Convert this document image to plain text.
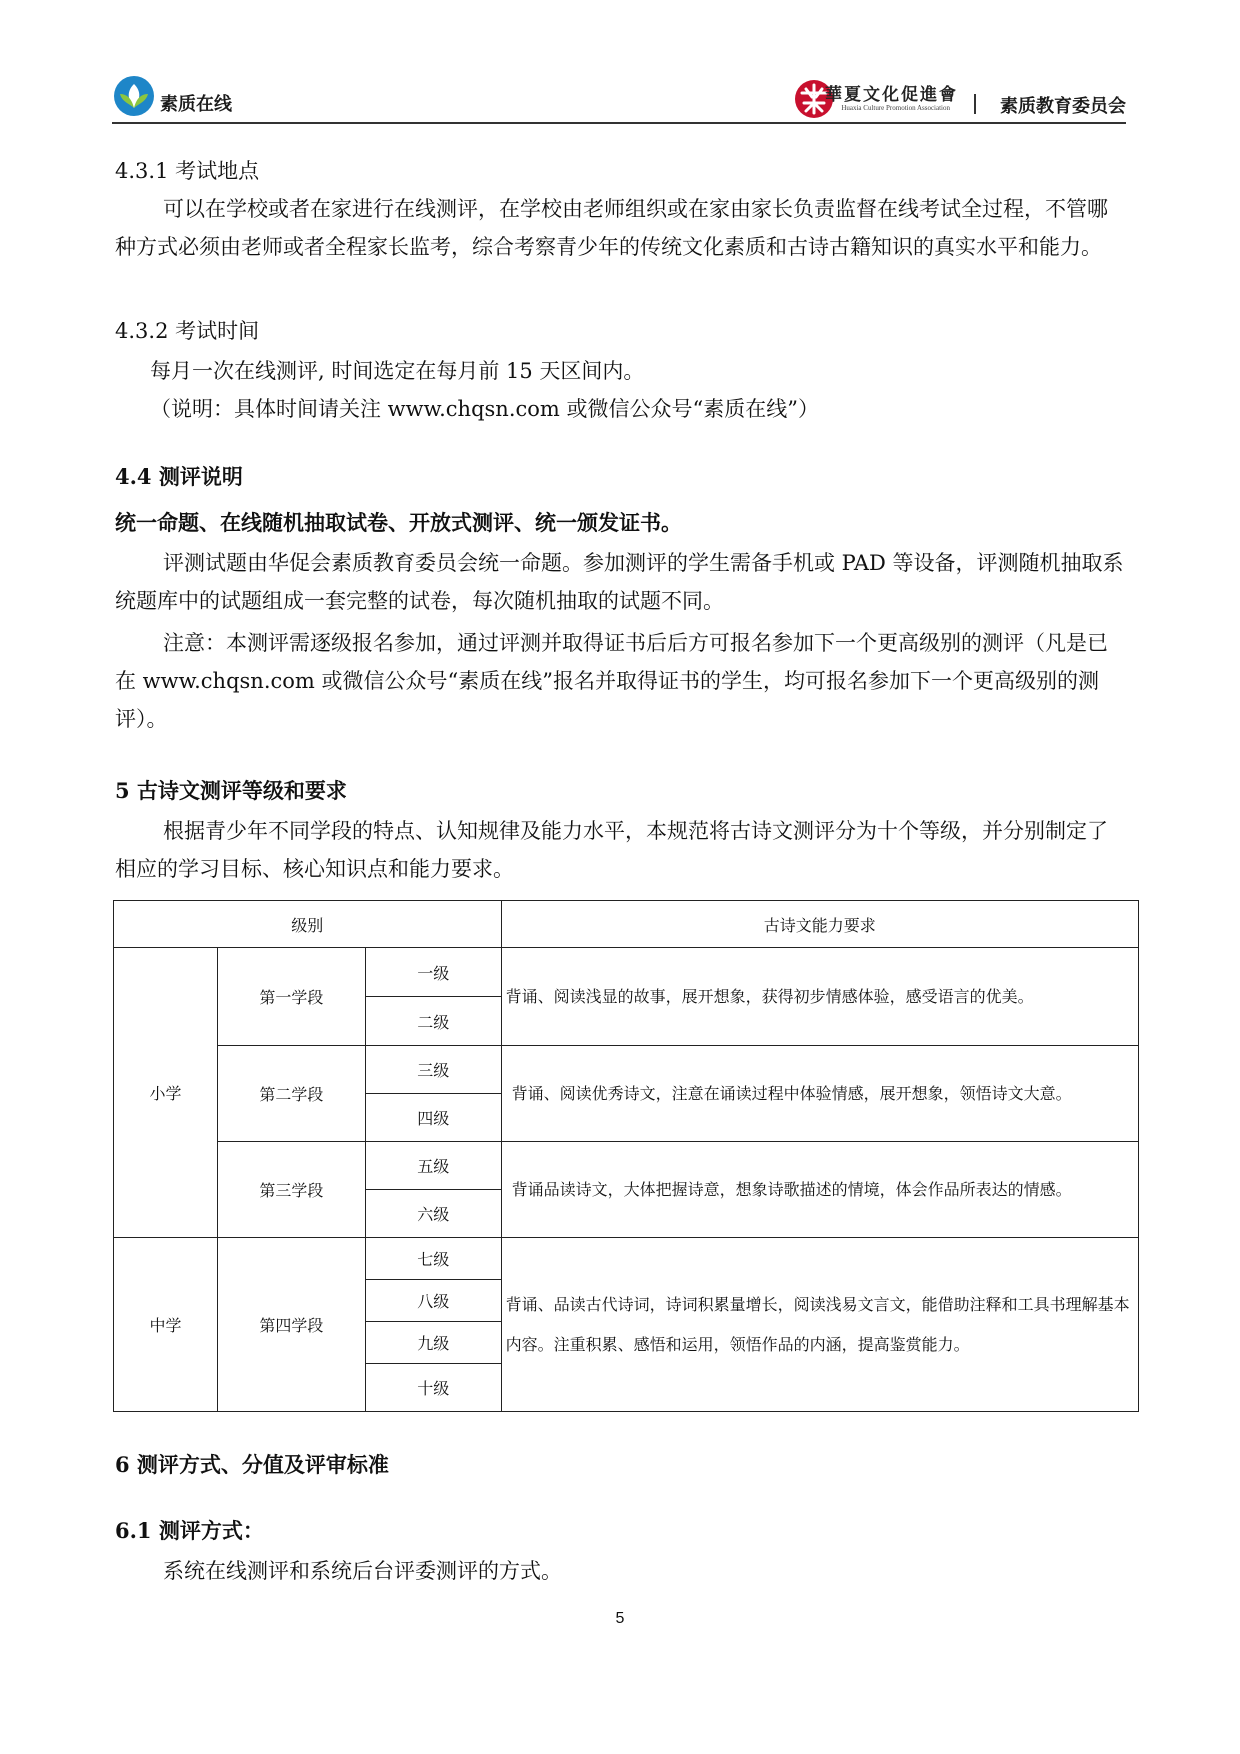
素质在线	華夏文化促進會
Huaxia Culture Promotion Association	素质教育委员会

4.3.1 考试地点

可以在学校或者在家进行在线测评，在学校由老师组织或在家由家长负责监督在线考试全过程，不管哪种方式必须由老师或者全程家长监考，综合考察青少年的传统文化素质和古诗古籍知识的真实水平和能力。

4.3.2 考试时间

每月一次在线测评, 时间选定在每月前 15 天区间内。

（说明：具体时间请关注 www.chqsn.com 或微信公众号“素质在线”）

4.4 测评说明

统一命题、在线随机抽取试卷、开放式测评、统一颁发证书。

评测试题由华促会素质教育委员会统一命题。参加测评的学生需备手机或 PAD 等设备，评测随机抽取系统题库中的试题组成一套完整的试卷，每次随机抽取的试题不同。

注意：本测评需逐级报名参加，通过评测并取得证书后后方可报名参加下一个更高级别的测评（凡是已在 www.chqsn.com 或微信公众号“素质在线”报名并取得证书的学生，均可报名参加下一个更高级别的测评）。

5 古诗文测评等级和要求

根据青少年不同学段的特点、认知规律及能力水平，本规范将古诗文测评分为十个等级，并分别制定了相应的学习目标、核心知识点和能力要求。

级别			古诗文能力要求
小学	第一学段	一级	背诵、阅读浅显的故事，展开想象，获得初步情感体验，感受语言的优美。
		二级	
	第二学段	三级	背诵、阅读优秀诗文，注意在诵读过程中体验情感，展开想象，领悟诗文大意。
		四级	
	第三学段	五级	背诵品读诗文，大体把握诗意，想象诗歌描述的情境，体会作品所表达的情感。
		六级	
中学	第四学段	七级	背诵、品读古代诗词，诗词积累量增长，阅读浅易文言文，能借助注释和工具书理解基本内容。注重积累、感悟和运用，领悟作品的内涵，提高鉴赏能力。
		八级	
		九级	
		十级	

6 测评方式、分值及评审标准

6.1 测评方式：

系统在线测评和系统后台评委测评的方式。

5
